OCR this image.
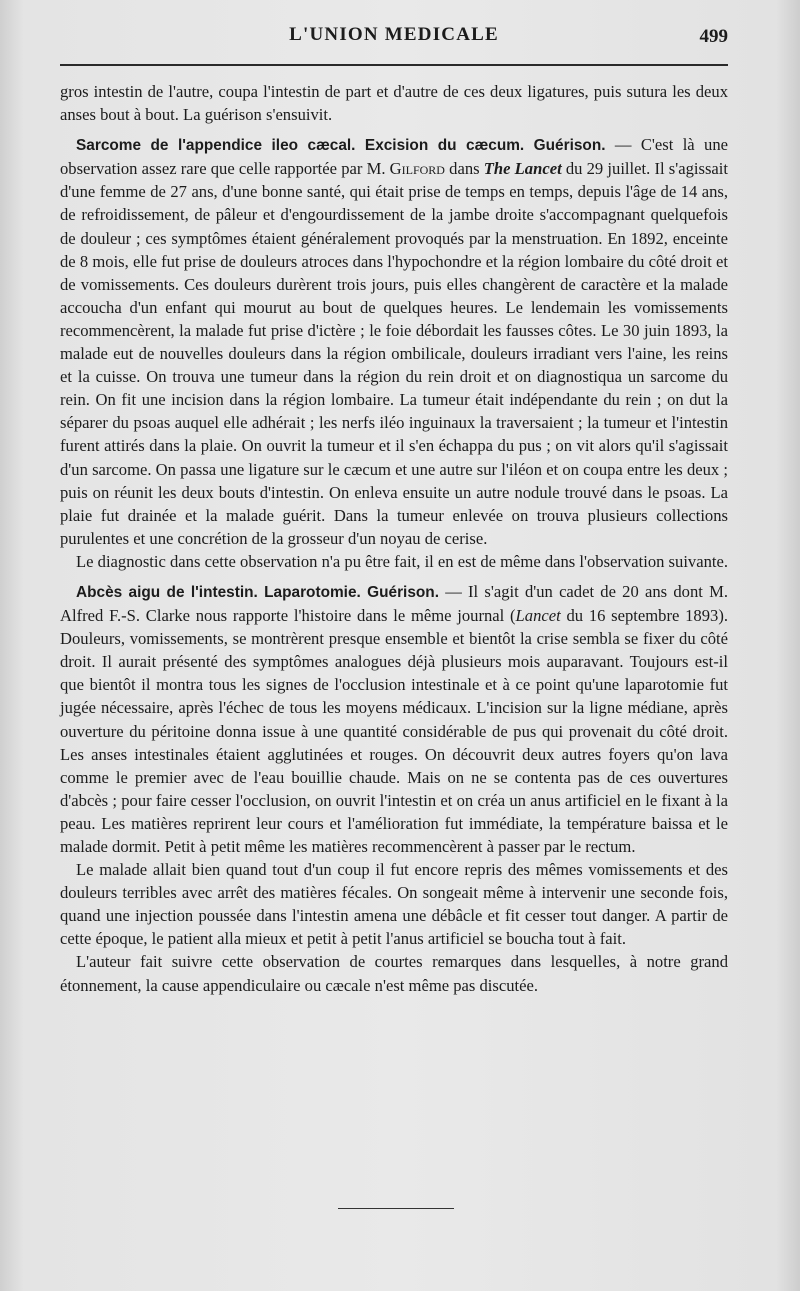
L'UNION MEDICALE	499

gros intestin de l'autre, coupa l'intestin de part et d'autre de ces deux ligatures, puis sutura les deux anses bout à bout. La guérison s'ensuivit.

Sarcome de l'appendice ileo cæcal. Excision du cæcum. Guérison. — C'est là une observation assez rare que celle rapportée par M. Gilford dans The Lancet du 29 juillet. Il s'agissait d'une femme de 27 ans, d'une bonne santé, qui était prise de temps en temps, depuis l'âge de 14 ans, de refroidissement, de pâleur et d'engourdissement de la jambe droite s'accompagnant quelquefois de douleur ; ces symptômes étaient généralement provoqués par la menstruation. En 1892, enceinte de 8 mois, elle fut prise de douleurs atroces dans l'hypochondre et la région lombaire du côté droit et de vomissements. Ces douleurs durèrent trois jours, puis elles changèrent de caractère et la malade accoucha d'un enfant qui mourut au bout de quelques heures. Le lendemain les vomissements recommencèrent, la malade fut prise d'ictère ; le foie débordait les fausses côtes. Le 30 juin 1893, la malade eut de nouvelles douleurs dans la région ombilicale, douleurs irradiant vers l'aine, les reins et la cuisse. On trouva une tumeur dans la région du rein droit et on diagnostiqua un sarcome du rein. On fit une incision dans la région lombaire. La tumeur était indépendante du rein ; on dut la séparer du psoas auquel elle adhérait ; les nerfs iléo inguinaux la traversaient ; la tumeur et l'intestin furent attirés dans la plaie. On ouvrit la tumeur et il s'en échappa du pus ; on vit alors qu'il s'agissait d'un sarcome. On passa une ligature sur le cæcum et une autre sur l'iléon et on coupa entre les deux ; puis on réunit les deux bouts d'intestin. On enleva ensuite un autre nodule trouvé dans le psoas. La plaie fut drainée et la malade guérit. Dans la tumeur enlevée on trouva plusieurs collections purulentes et une concrétion de la grosseur d'un noyau de cerise.

Le diagnostic dans cette observation n'a pu être fait, il en est de même dans l'observation suivante.

Abcès aigu de l'intestin. Laparotomie. Guérison. — Il s'agit d'un cadet de 20 ans dont M. Alfred F.-S. Clarke nous rapporte l'histoire dans le même journal (Lancet du 16 septembre 1893). Douleurs, vomissements, se montrèrent presque ensemble et bientôt la crise sembla se fixer du côté droit. Il aurait présenté des symptômes analogues déjà plusieurs mois auparavant. Toujours est-il que bientôt il montra tous les signes de l'occlusion intestinale et à ce point qu'une laparotomie fut jugée nécessaire, après l'échec de tous les moyens médicaux. L'incision sur la ligne médiane, après ouverture du péritoine donna issue à une quantité considérable de pus qui provenait du côté droit. Les anses intestinales étaient agglutinées et rouges. On découvrit deux autres foyers qu'on lava comme le premier avec de l'eau bouillie chaude. Mais on ne se contenta pas de ces ouvertures d'abcès ; pour faire cesser l'occlusion, on ouvrit l'intestin et on créa un anus artificiel en le fixant à la peau. Les matières reprirent leur cours et l'amélioration fut immédiate, la température baissa et le malade dormit. Petit à petit même les matières recommencèrent à passer par le rectum.

Le malade allait bien quand tout d'un coup il fut encore repris des mêmes vomissements et des douleurs terribles avec arrêt des matières fécales. On songeait même à intervenir une seconde fois, quand une injection poussée dans l'intestin amena une débâcle et fit cesser tout danger. A partir de cette époque, le patient alla mieux et petit à petit l'anus artificiel se boucha tout à fait.

L'auteur fait suivre cette observation de courtes remarques dans lesquelles, à notre grand étonnement, la cause appendiculaire ou cæcale n'est même pas discutée.
